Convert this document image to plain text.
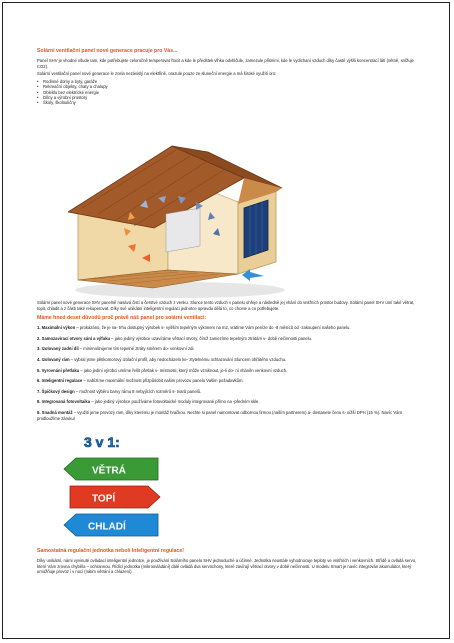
Solární ventilační panel nové generace pracuje pro Vás...

Panel SHV je vhodné všude tam, kde potřebujete celoročně temperovat řtocit a kde le předstek vlhka odvhlčule, zamezule plísnimi, kde le vydichaní vzduch díky časté výšši koncentrací látí (větně, snížuje CO2).

Solární ventilační panel nové generace le zcela nezávislý na elektřině, orazule pouze ze sluneční energie a má široké využití oro:

• Rodinné domy a byty, garáže
• Rekreační objekty, chaty a chalupy
• Obleklo bez elektrické energie
• Dílny a výrobní prostory
• Školy, školouličny

Solární panel nové generace SHV panelně nasává čistí a čerstvé vzduch z venku. Slunce tento vzduch v panelu ohřeje a následně jej vhání do vnitřních prostor budovy. Solární panel SHV umí také větrat, topit, chladit a z části také rekuperovat. Díky své unikátní inteligentní regulaci jednotce opravdu dělá to, co chcete a co potřebujete.

Máme hned deset důvodů proč právě náš panel pro solární ventilaci:
1. Maximální výkon – prokázáno, že je na- trhu dostupný výrobek s- vyšším tepelným výkonem na m2, vrátíme Vám peníze do -8 měsíců od -zakoupení našeho panelu.
2. Samozavírací otvory sání a výfuku – jako jediný výrobce uzavíráme větrací otvory, čímž zamezíme tepelným ztrátám v- době nečinnosti panelu.
3. Izolovaný zadní díl – minimalizujeme tím tepelné ztráty směrem do- venkovní zdi.
4. Izolovaný rám – vybral jsme pětikomorový izolační profil, aby nedocházelo ke- ztytelnému ochlazování Sluncem ohřátého vzduchu.
5. Vyrovnání přetlaku – jako jediní výrobci umíme řešit přetlak v- místnosti, který může vzniknout, je-li do- ní vháněn venkovní vzduch.
6. Inteligentní regulace – nabízíme maximální možnost přizpůsobit našim provozu panelu Vašim požadavkům.
7. Špičkový design – možnost výběru barvy rámu 8 nebyjících rozměrů s- tvarů panelů.
8. Integrovaná fotovoltaika – jako jediný výrobce používáme fotovoltaické moduly integrované přímo na -předním skle.
9. Snadná montáž – využiti jeme provozy rám, díky kterému je montáž hračkou. Nechte si panel namontovat odbornou firmou (naším partnerem) a- dostanete čenu s- nižší DPH (15 %). Navíc Vám prodloužíme záruku!
3 v 1:
VĚTRÁ
TOPÍ
CHLADÍ
Samostatná regulační jednotka neboli Inteligentní regulace!

Díky unikátní, námi vyvinuté ovládací inteligentní jednotce, je používání Solárního panelu SHV jednoduché a účinné. Jednotka neustále vyhodnocuje teploty ve vnitřních i venkovních. Střídě a ovládá servo, které Vám zrovna chyběla – ochrannou. Řídící jednotka (mikroovládání) dálé ovládá dva servochony, které zavírají větrací otvory v době nečinnosti. U modelu Smart je navíc integrován akumulátor, který umožňuje provoz i v noci (nátim větrání a chlazení).
